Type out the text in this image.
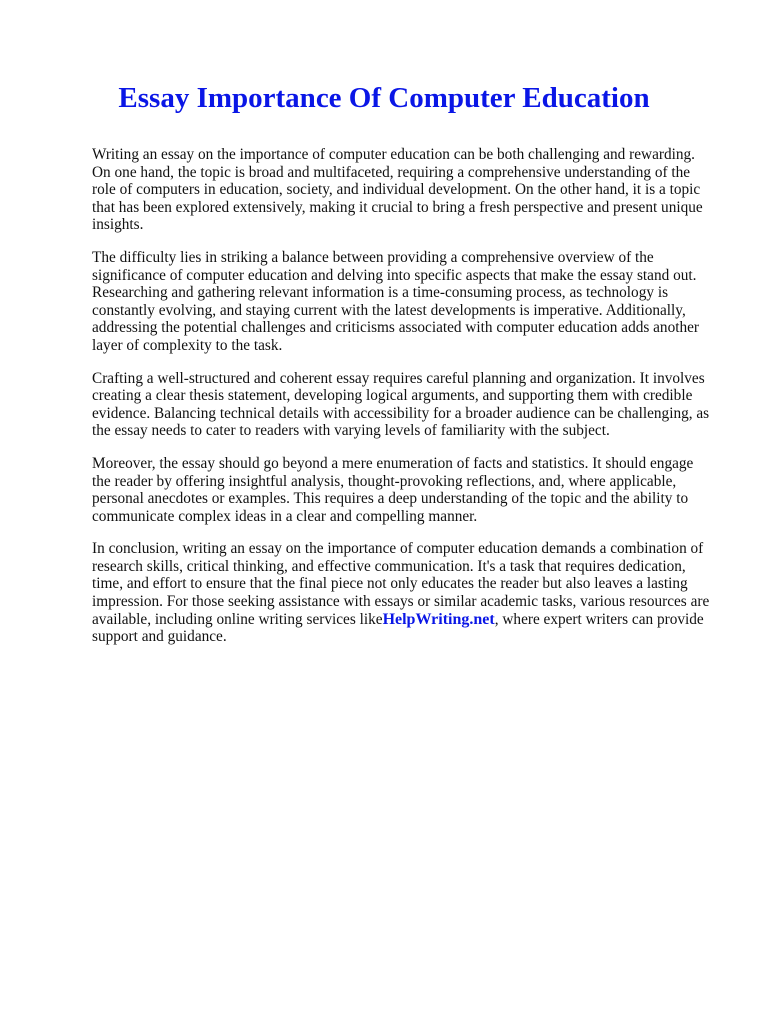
Essay Importance Of Computer Education

Writing an essay on the importance of computer education can be both challenging and rewarding. On one hand, the topic is broad and multifaceted, requiring a comprehensive understanding of the role of computers in education, society, and individual development. On the other hand, it is a topic that has been explored extensively, making it crucial to bring a fresh perspective and present unique insights.

The difficulty lies in striking a balance between providing a comprehensive overview of the significance of computer education and delving into specific aspects that make the essay stand out. Researching and gathering relevant information is a time-consuming process, as technology is constantly evolving, and staying current with the latest developments is imperative. Additionally, addressing the potential challenges and criticisms associated with computer education adds another layer of complexity to the task.

Crafting a well-structured and coherent essay requires careful planning and organization. It involves creating a clear thesis statement, developing logical arguments, and supporting them with credible evidence. Balancing technical details with accessibility for a broader audience can be challenging, as the essay needs to cater to readers with varying levels of familiarity with the subject.

Moreover, the essay should go beyond a mere enumeration of facts and statistics. It should engage the reader by offering insightful analysis, thought-provoking reflections, and, where applicable, personal anecdotes or examples. This requires a deep understanding of the topic and the ability to communicate complex ideas in a clear and compelling manner.

In conclusion, writing an essay on the importance of computer education demands a combination of research skills, critical thinking, and effective communication. It's a task that requires dedication, time, and effort to ensure that the final piece not only educates the reader but also leaves a lasting impression. For those seeking assistance with essays or similar academic tasks, various resources are available, including online writing services likeHelpWriting.net, where expert writers can provide support and guidance.
